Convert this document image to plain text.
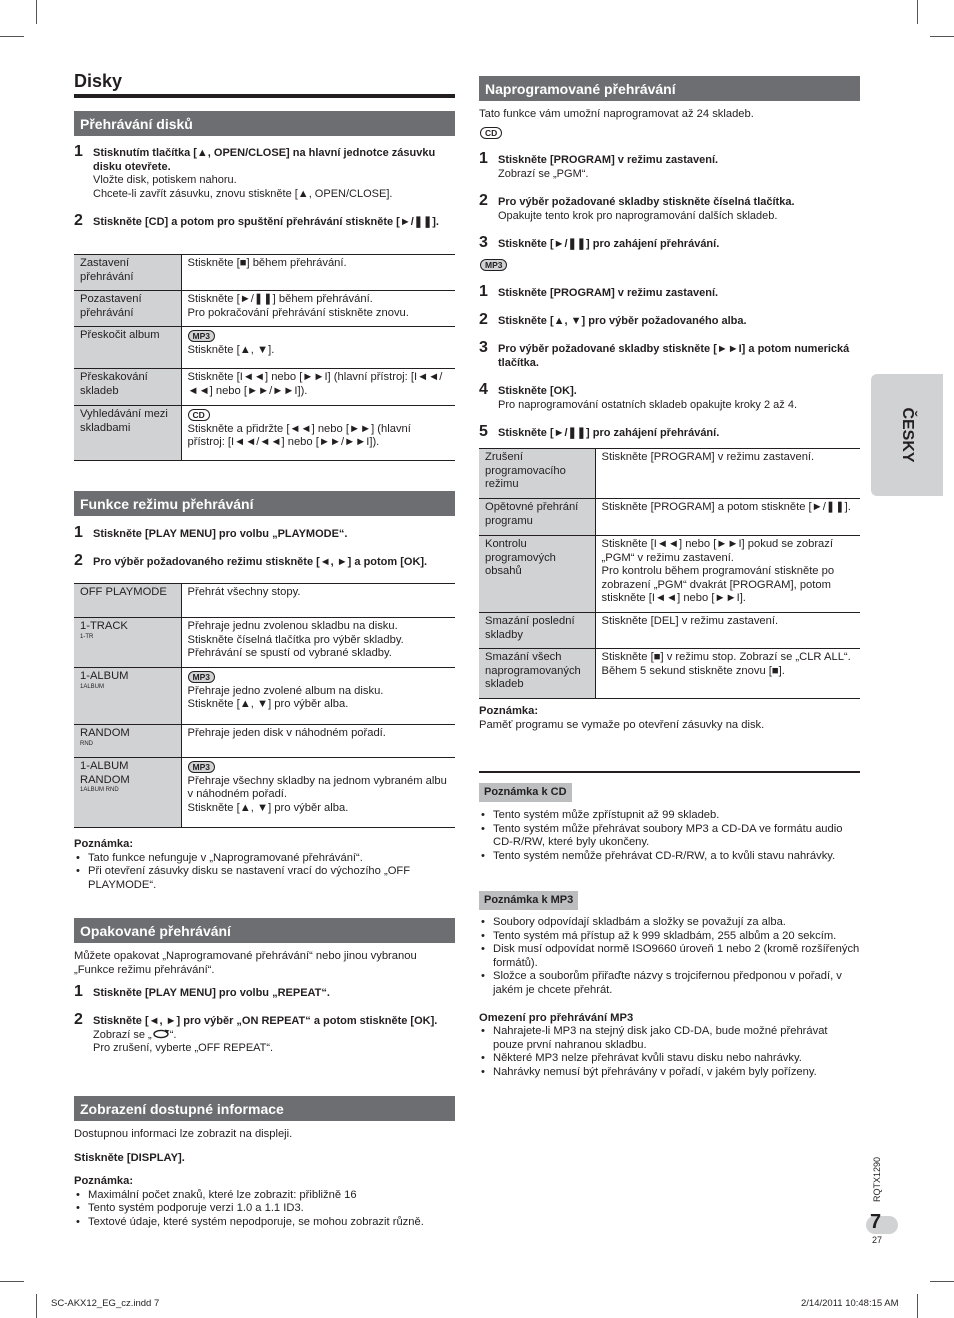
Disky
Přehrávání disků
1 Stisknutím tlačítka [▲, OPEN/CLOSE] na hlavní jednotce zásuvku disku otevřete.
Vložte disk, potiskem nahoru.
Chcete-li zavřít zásuvku, znovu stiskněte [▲, OPEN/CLOSE].
2 Stiskněte [CD] a potom pro spuštění přehrávání stiskněte [►/❚❚].
Zastavení přehrávání	Stiskněte [■] během přehrávání.
Pozastavení přehrávání	Stiskněte [►/❚❚] během přehrávání.
Pro pokračování přehrávání stiskněte znovu.
Přeskočit album	MP3
Stiskněte [▲, ▼].
Přeskakování skladeb	Stiskněte [I◄◄] nebo [►►I] (hlavní přístroj: [I◄◄/◄◄] nebo [►►/►►I]).
Vyhledávání mezi skladbami	CD
Stiskněte a přidržte [◄◄] nebo [►►] (hlavní přístroj: [I◄◄/◄◄] nebo [►►/►►I]).
Funkce režimu přehrávání
1 Stiskněte [PLAY MENU] pro volbu „PLAYMODE“.
2 Pro výběr požadovaného režimu stiskněte [◄, ►] a potom [OK].
OFF PLAYMODE	Přehrát všechny stopy.
1-TRACK
1-TR	Přehraje jednu zvolenou skladbu na disku.
Stiskněte číselná tlačítka pro výběr skladby.
Přehrávání se spustí od vybrané skladby.
1-ALBUM
1ALBUM	MP3
Přehraje jedno zvolené album na disku.
Stiskněte [▲, ▼] pro výběr alba.
RANDOM
RND	Přehraje jeden disk v náhodném pořadí.
1-ALBUM
RANDOM
1ALBUM RND	MP3
Přehraje všechny skladby na jednom vybraném albu v náhodném pořadí.
Stiskněte [▲, ▼] pro výběr alba.
Poznámka:
• Tato funkce nefunguje v „Naprogramované přehrávání“.
• Při otevření zásuvky disku se nastavení vrací do výchozího „OFF PLAYMODE“.
Opakované přehrávání
Můžete opakovat „Naprogramované přehrávání“ nebo jinou vybranou „Funkce režimu přehrávání“.
1 Stiskněte [PLAY MENU] pro volbu „REPEAT“.
2 Stiskněte [◄, ►] pro výběr „ON REPEAT“ a potom stiskněte [OK].
Zobrazí se „ “.
Pro zrušení, vyberte „OFF REPEAT“.
Zobrazení dostupné informace
Dostupnou informaci lze zobrazit na displeji.
Stiskněte [DISPLAY].
Poznámka:
• Maximální počet znaků, které lze zobrazit: přibližně 16
• Tento systém podporuje verzi 1.0 a 1.1 ID3.
• Textové údaje, které systém nepodporuje, se mohou zobrazit různě.
Naprogramované přehrávání
Tato funkce vám umožní naprogramovat až 24 skladeb.
CD
1 Stiskněte [PROGRAM] v režimu zastavení.
Zobrazí se „PGM“.
2 Pro výběr požadované skladby stiskněte číselná tlačítka.
Opakujte tento krok pro naprogramování dalších skladeb.
3 Stiskněte [►/❚❚] pro zahájení přehrávání.
MP3
1 Stiskněte [PROGRAM] v režimu zastavení.
2 Stiskněte [▲, ▼] pro výběr požadovaného alba.
3 Pro výběr požadované skladby stiskněte [►►I] a potom numerická tlačítka.
4 Stiskněte [OK].
Pro naprogramování ostatních skladeb opakujte kroky 2 až 4.
5 Stiskněte [►/❚❚] pro zahájení přehrávání.
Zrušení programovacího režimu	Stiskněte [PROGRAM] v režimu zastavení.
Opětovné přehrání programu	Stiskněte [PROGRAM] a potom stiskněte [►/❚❚].
Kontrolu programových obsahů	Stiskněte [I◄◄] nebo [►►I] pokud se zobrazí „PGM“ v režimu zastavení.
Pro kontrolu během programování stiskněte po zobrazení „PGM“ dvakrát [PROGRAM], potom stiskněte [I◄◄] nebo [►►I].
Smazání poslední skladby	Stiskněte [DEL] v režimu zastavení.
Smazání všech naprogramovaných skladeb	Stiskněte [■] v režimu stop. Zobrazí se „CLR ALL“. Během 5 sekund stiskněte znovu [■].
Poznámka:
Paměť programu se vymaže po otevření zásuvky na disk.
Poznámka k CD
• Tento systém může zpřístupnit až 99 skladeb.
• Tento systém může přehrávat soubory MP3 a CD-DA ve formátu audio CD-R/RW, které byly ukončeny.
• Tento systém nemůže přehrávat CD-R/RW, a to kvůli stavu nahrávky.
Poznámka k MP3
• Soubory odpovídají skladbám a složky se považují za alba.
• Tento systém má přístup až k 999 skladbám, 255 albům a 20 sekcím.
• Disk musí odpovídat normě ISO9660 úroveň 1 nebo 2 (kromě rozšířených formátů).
• Složce a souborům přiřaďte názvy s trojcifernou předponou v pořadí, v jakém je chcete přehrát.
Omezení pro přehrávání MP3
• Nahrajete-li MP3 na stejný disk jako CD-DA, bude možné přehrávat pouze první nahranou skladbu.
• Některé MP3 nelze přehrávat kvůli stavu disku nebo nahrávky.
• Nahrávky nemusí být přehrávány v pořadí, v jakém byly pořízeny.
ČESKY
RQTX1290
7
27
SC-AKX12_EG_cz.indd 7	2/14/2011 10:48:15 AM
